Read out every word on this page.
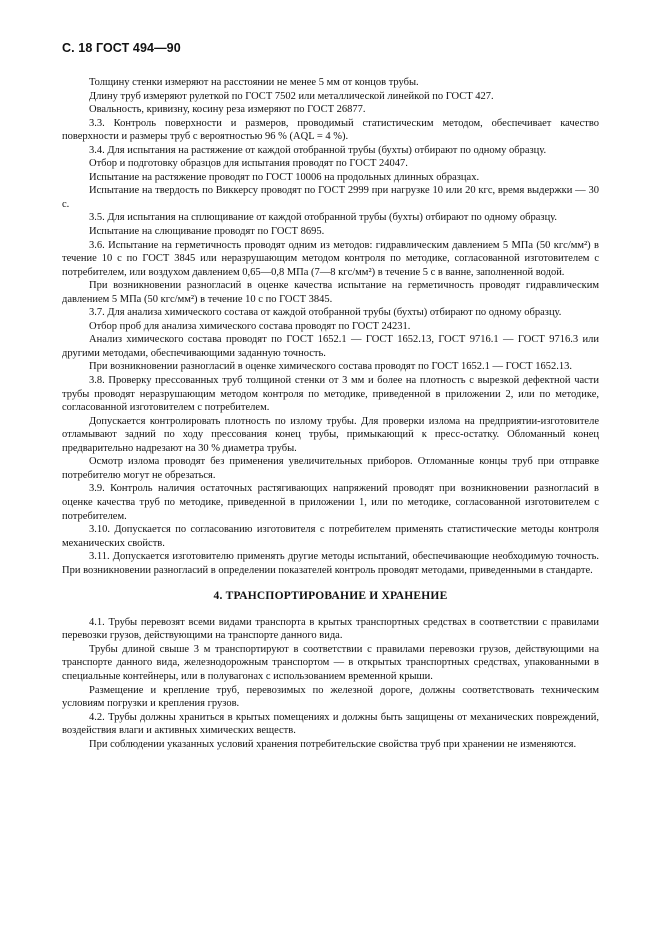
С. 18 ГОСТ 494—90

Толщину стенки измеряют на расстоянии не менее 5 мм от концов трубы.

Длину труб измеряют рулеткой по ГОСТ 7502 или металлической линейкой по ГОСТ 427.

Овальность, кривизну, косину реза измеряют по ГОСТ 26877.

3.3. Контроль поверхности и размеров, проводимый статистическим методом, обеспечивает качество поверхности и размеры труб с вероятностью 96 % (AQL = 4 %).

3.4. Для испытания на растяжение от каждой отобранной трубы (бухты) отбирают по одному образцу.

Отбор и подготовку образцов для испытания проводят по ГОСТ 24047.

Испытание на растяжение проводят по ГОСТ 10006 на продольных длинных образцах.

Испытание на твердость по Виккерсу проводят по ГОСТ 2999 при нагрузке 10 или 20 кгс, время выдержки — 30 с.

3.5. Для испытания на сплющивание от каждой отобранной трубы (бухты) отбирают по одному образцу.

Испытание на слющивание проводят по ГОСТ 8695.

3.6. Испытание на герметичность проводят одним из методов: гидравлическим давлением 5 МПа (50 кгс/мм²) в течение 10 с по ГОСТ 3845 или неразрушающим методом контроля по методике, согласованной изготовителем с потребителем, или воздухом давлением 0,65—0,8 МПа (7—8 кгс/мм²) в течение 5 с в ванне, заполненной водой.

При возникновении разногласий в оценке качества испытание на герметичность проводят гидравлическим давлением 5 МПа (50 кгс/мм²) в течение 10 с по ГОСТ 3845.

3.7. Для анализа химического состава от каждой отобранной трубы (бухты) отбирают по одному образцу.

Отбор проб для анализа химического состава проводят по ГОСТ 24231.

Анализ химического состава проводят по ГОСТ 1652.1 — ГОСТ 1652.13, ГОСТ 9716.1 — ГОСТ 9716.3 или другими методами, обеспечивающими заданную точность.

При возникновении разногласий в оценке химического состава проводят по ГОСТ 1652.1 — ГОСТ 1652.13.

3.8. Проверку прессованных труб толщиной стенки от 3 мм и более на плотность с вырезкой дефектной части трубы проводят неразрушающим методом контроля по методике, приведенной в приложении 2, или по методике, согласованной изготовителем с потребителем.

Допускается контролировать плотность по излому трубы. Для проверки излома на предприятии-изготовителе отламывают задний по ходу прессования конец трубы, примыкающий к пресс-остатку. Обломанный конец предварительно надрезают на 30 % диаметра трубы.

Осмотр излома проводят без применения увеличительных приборов. Отломанные концы труб при отправке потребителю могут не обрезаться.

3.9. Контроль наличия остаточных растягивающих напряжений проводят при возникновении разногласий в оценке качества труб по методике, приведенной в приложении 1, или по методике, согласованной изготовителем с потребителем.

3.10. Допускается по согласованию изготовителя с потребителем применять статистические методы контроля механических свойств.

3.11. Допускается изготовителю применять другие методы испытаний, обеспечивающие необходимую точность. При возникновении разногласий в определении показателей контроль проводят методами, приведенными в стандарте.

4. ТРАНСПОРТИРОВАНИЕ И ХРАНЕНИЕ

4.1. Трубы перевозят всеми видами транспорта в крытых транспортных средствах в соответствии с правилами перевозки грузов, действующими на транспорте данного вида.

Трубы длиной свыше 3 м транспортируют в соответствии с правилами перевозки грузов, действующими на транспорте данного вида, железнодорожным транспортом — в открытых транспортных средствах, упакованными в специальные контейнеры, или в полувагонах с использованием временной крыши.

Размещение и крепление труб, перевозимых по железной дороге, должны соответствовать техническим условиям погрузки и крепления грузов.

4.2. Трубы должны храниться в крытых помещениях и должны быть защищены от механических повреждений, воздействия влаги и активных химических веществ.

При соблюдении указанных условий хранения потребительские свойства труб при хранении не изменяются.
